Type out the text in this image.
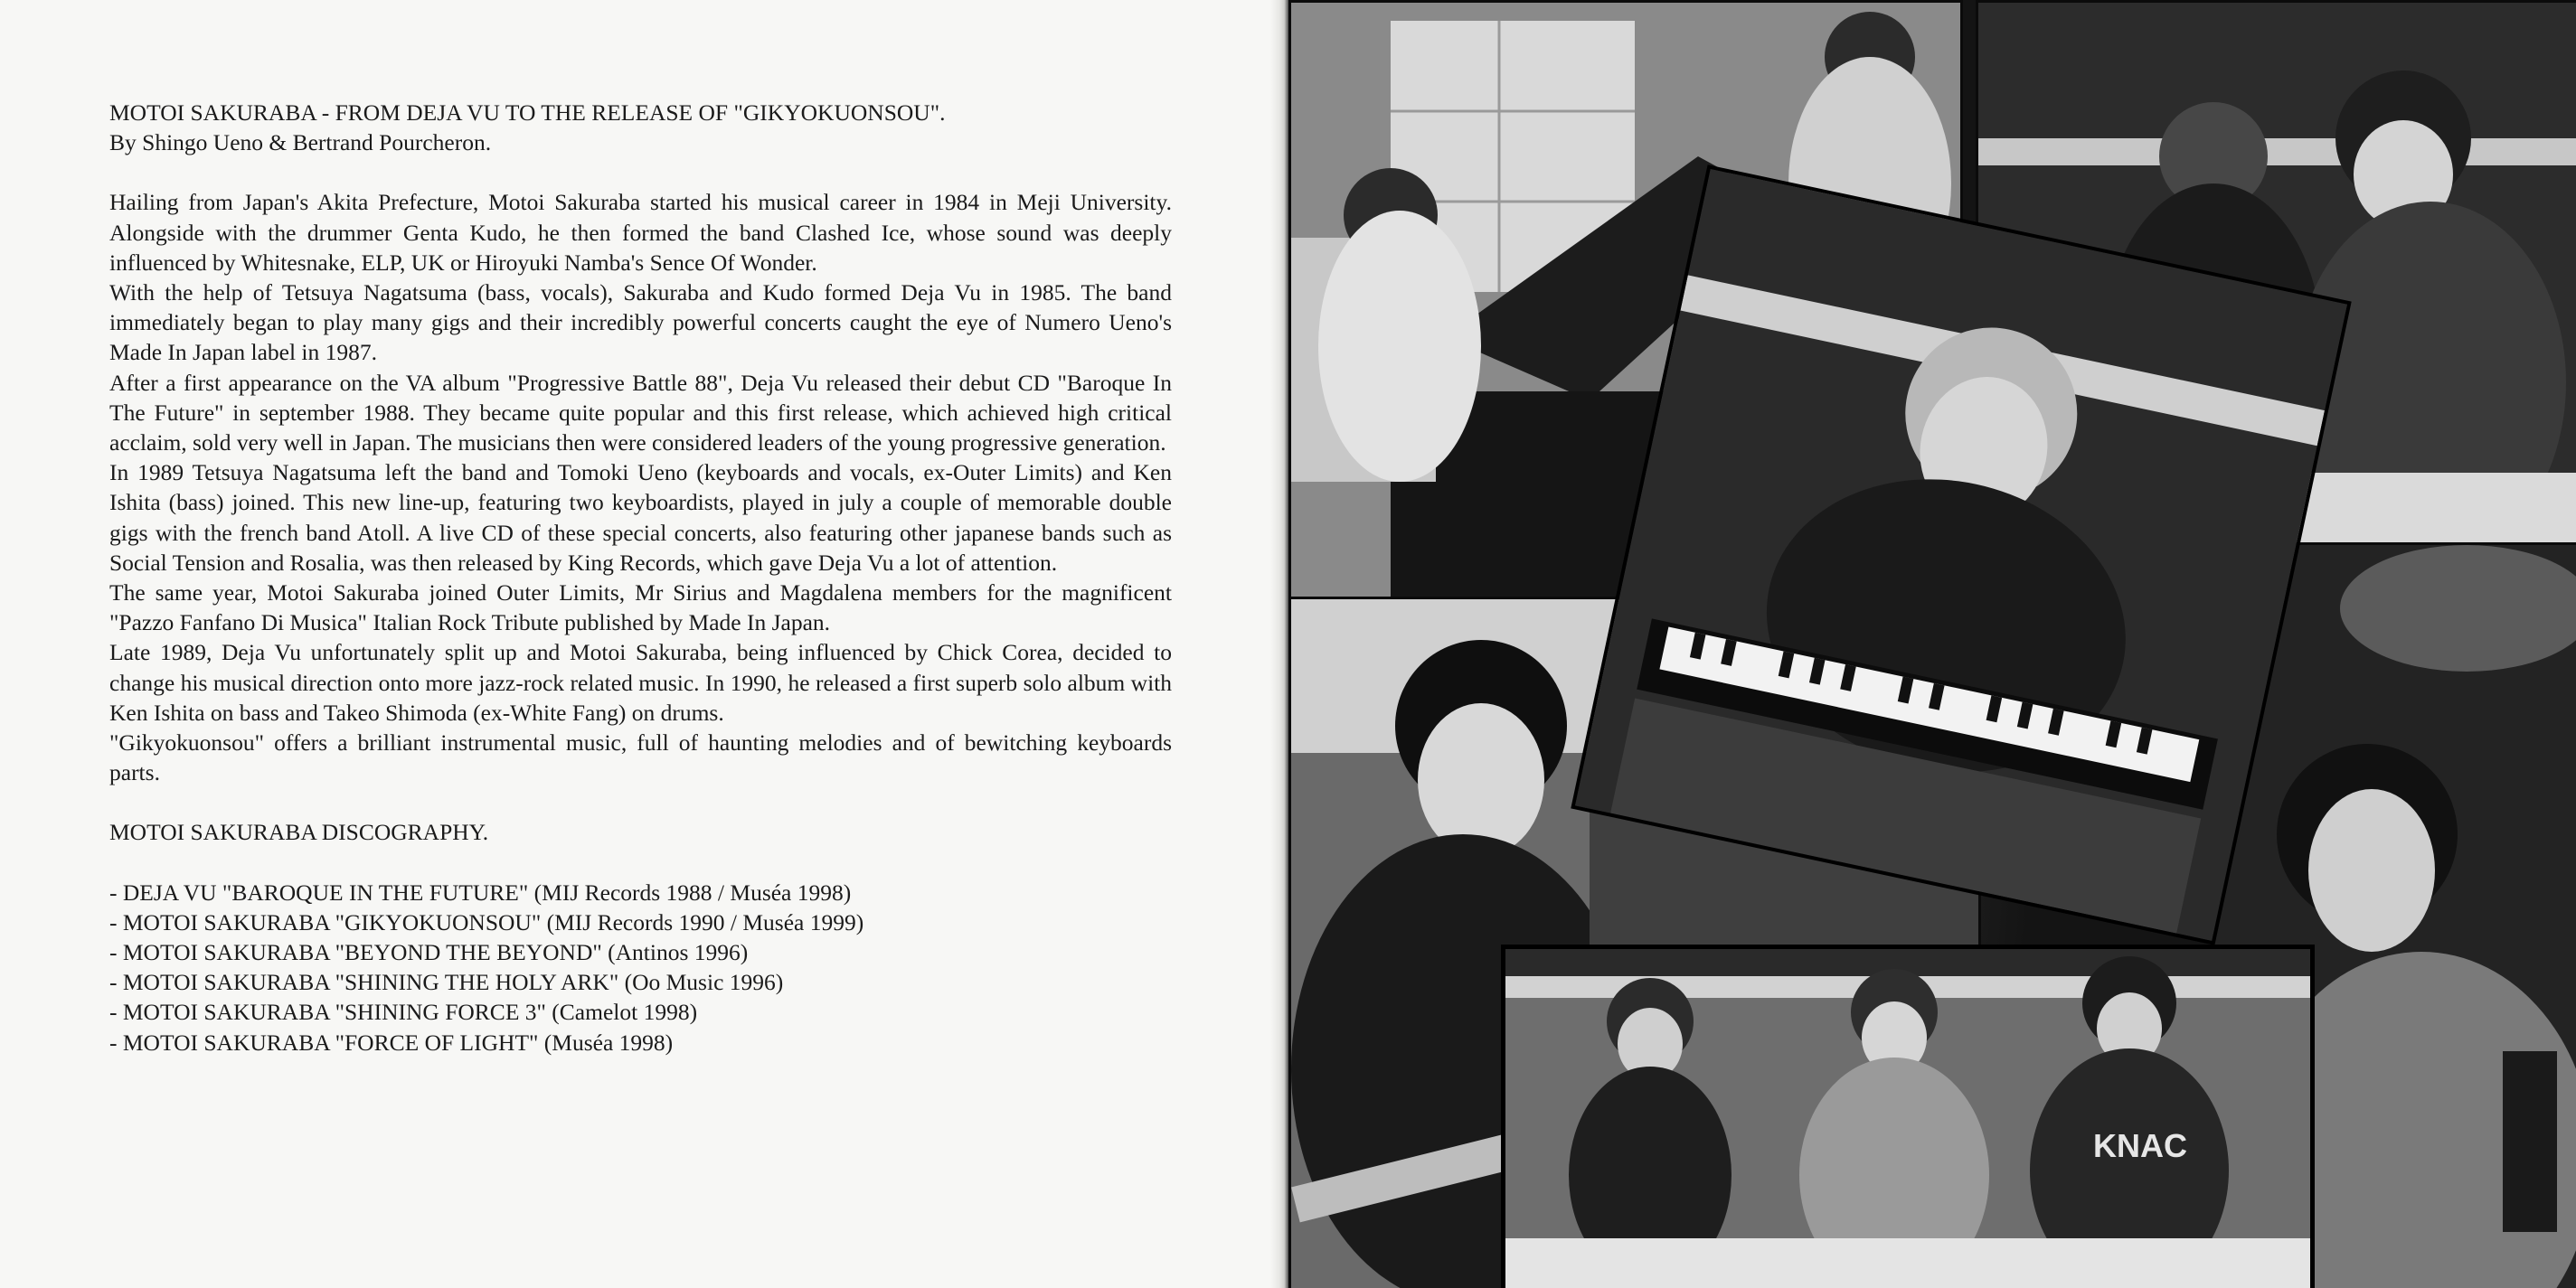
MOTOI SAKURABA - FROM DEJA VU TO THE RELEASE OF "GIKYOKUONSOU".

By Shingo Ueno & Bertrand Pourcheron.

Hailing from Japan's Akita Prefecture, Motoi Sakuraba started his musical career in 1984 in Meji University. Alongside with the drummer Genta Kudo, he then formed the band Clashed Ice, whose sound was deeply influenced by Whitesnake, ELP, UK or Hiroyuki Namba's Sence Of Wonder.

With the help of Tetsuya Nagatsuma (bass, vocals), Sakuraba and Kudo formed Deja Vu in 1985. The band immediately began to play many gigs and their incredibly powerful concerts caught the eye of Numero Ueno's Made In Japan label in 1987.

After a first appearance on the VA album "Progressive Battle 88", Deja Vu released their debut CD "Baroque In The Future" in september 1988. They became quite popular and this first release, which achieved high critical acclaim, sold very well in Japan. The musicians then were considered leaders of the young progressive generation.

In 1989 Tetsuya Nagatsuma left the band and Tomoki Ueno (keyboards and vocals, ex-Outer Limits) and Ken Ishita (bass) joined. This new line-up, featuring two keyboardists, played in july a couple of memorable double gigs with the french band Atoll. A live CD of these special concerts, also featuring other japanese bands such as Social Tension and Rosalia, was then released by King Records, which gave Deja Vu a lot of attention.

The same year, Motoi Sakuraba joined Outer Limits, Mr Sirius and Magdalena members for the magnificent "Pazzo Fanfano Di Musica" Italian Rock Tribute published by Made In Japan.

Late 1989, Deja Vu unfortunately split up and Motoi Sakuraba, being influenced by Chick Corea, decided to change his musical direction onto more jazz-rock related music. In 1990, he released a first superb solo album with Ken Ishita on bass and Takeo Shimoda (ex-White Fang) on drums.

"Gikyokuonsou" offers a brilliant instrumental music, full of haunting melodies and of bewitching keyboards parts.

MOTOI SAKURABA DISCOGRAPHY.

- DEJA VU "BAROQUE IN THE FUTURE" (MIJ Records 1988 / Muséa 1998)
- MOTOI SAKURABA "GIKYOKUONSOU" (MIJ Records 1990 / Muséa 1999)
- MOTOI SAKURABA "BEYOND THE BEYOND" (Antinos 1996)
- MOTOI SAKURABA "SHINING THE HOLY ARK" (Oo Music 1996)
- MOTOI SAKURABA "SHINING FORCE 3" (Camelot 1998)
- MOTOI SAKURABA "FORCE OF LIGHT" (Muséa 1998)
KNAC
